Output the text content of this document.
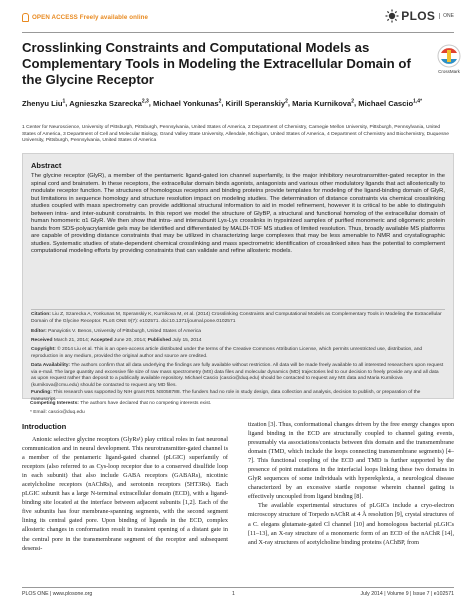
OPEN ACCESS Freely available online	PLOS	ONE
Crosslinking Constraints and Computational Models as Complementary Tools in Modeling the Extracellular Domain of the Glycine Receptor
CrossMark
Zhenyu Liu$^1$, Agnieszka Szarecka$^{2,3}$, Michael Yonkunas$^2$, Kirill Speranskiy$^2$, Maria Kurnikova$^2$, Michael Cascio$^{1,4*}$
1 Center for Neuroscience, University of Pittsburgh, Pittsburgh, Pennsylvania, United States of America, 2 Department of Chemistry, Carnegie Mellon University, Pittsburgh, Pennsylvania, United States of America, 3 Department of Cell and Molecular Biology, Grand Valley State University, Allendale, Michigan, United States of America, 4 Department of Chemistry and Biochemistry, Duquesne University, Pittsburgh, Pennsylvania, United States of America
Abstract
The glycine receptor (GlyR), a member of the pentameric ligand-gated ion channel superfamily, is the major inhibitory neurotransmitter-gated receptor in the spinal cord and brainstem. In these receptors, the extracellular domain binds agonists, antagonists and various other modulatory ligands that act allosterically to modulate receptor function. The structures of homologous receptors and binding proteins provide templates for modeling of the ligand-binding domain of GlyR, but limitations in sequence homology and structure resolution impact on modeling studies. The determination of distance constraints via chemical crosslinking studies coupled with mass spectrometry can provide additional structural information to aid in model refinement, however it is critical to be able to distinguish between intra- and inter-subunit constraints. In this report we model the structure of GlyBP, a structural and functional homolog of the extracellular domain of human homomeric α1 GlyR. We then show that intra- and intersubunit Lys-Lys crosslinks in trypsinized samples of purified monomeric and oligomeric protein bands from SDS-polyacrylamide gels may be identified and differentiated by MALDI-TOF MS studies of limited resolution. Thus, broadly available MS platforms are capable of providing distance constraints that may be utilized in characterizing large complexes that may be less amenable to NMR and crystallographic studies. Systematic studies of state-dependent chemical crosslinking and mass spectrometric identification of crosslinked sites has the potential to complement computational modeling efforts by providing constraints that can validate and refine allosteric models.
Citation: Liu Z, Szarecka A, Yonkunas M, Speranskiy K, Kurnikova M, et al. (2014) Crosslinking Constraints and Computational Models as Complementary Tools in Modeling the Extracellular Domain of the Glycine Receptor. PLoS ONE 9(7): e102571. doi:10.1371/journal.pone.0102571
Editor: Panayiotis V. Benos, University of Pittsburgh, United States of America
Received March 21, 2014; Accepted June 20, 2014; Published July 15, 2014
Copyright: © 2014 Liu et al. This is an open-access article distributed under the terms of the Creative Commons Attribution License, which permits unrestricted use, distribution, and reproduction in any medium, provided the original author and source are credited.
Data Availability: The authors confirm that all data underlying the findings are fully available without restriction. All data will be made freely available to all interested researchers upon request via e-mail. The large quantity and excessive file size of raw mass spectrometry (MS) data files and molecular dynamics (MD) trajectories led to our decision to freely provide any and all data as upon request rather than deposit to a publically available repository. Michael Cascio (cascio@duq.edu) should be contacted to request any MS data and Maria Kurnikova (kurnikova@cmu.edu) should be contacted to request any MD files.
Funding: This research was supported by NIH grant R01 NS058788. The funders had no role in study design, data collection and analysis, decision to publish, or preparation of the manuscript.
Competing Interests: The authors have declared that no competing interests exist.
* Email: cascio@duq.edu
Introduction

Anionic selective glycine receptors (GlyRs¹) play critical roles in fast neuronal communication and in neural development. This neurotransmitter-gated channel is a member of the pentameric ligand-gated channel (pLGIC) superfamily of receptors (also referred to as Cys-loop receptor due to a conserved disulfide loop in each subunit) that also include GABA receptors (GABARs), nicotinic acetylcholine receptors (nAChRs), and serotonin receptors (5HT3Rs). Each pLGIC subunit has a large N-terminal extracellular domain (ECD), with a ligand-binding site located at the interface between adjacent subunits [1,2]. Each of the five subunits has four membrane-spanning segments, with the second segment lining its central gated pore. Upon binding of ligands in the ECD, complex allosteric changes in conformation result in transient opening of a distant gate in the central pore in the transmembrane segment of the receptor and subsequent desensi-

tization [3]. Thus, conformational changes driven by the free energy changes upon ligand binding in the ECD are structurally coupled to channel gating events, presumably via associations/contacts between this domain and the transmembrane domain (TMD, which include the loops connecting transmembrane segments) [4–7]. This functional coupling of the ECD and TMD is further supported by the presence of point mutations in the interfacial loops linking these two domains in GlyR sequences of some individuals with hyperekplexia, a neurological disease characterized by an excessive startle response wherein channel gating is effectively uncoupled from ligand binding [8].

The available experimental structures of pLGICs include a cryo-electron microscopy structure of Torpedo nAChR at 4 Å resolution [9], crystal structures of a C. elegans glutamate-gated Cl channel [10] and homologous bacterial pLGICs [11–13], an X-ray structure of a monomeric form of an ECD of the nAChR [14], and X-ray structures of acetylcholine binding proteins (AChBP, from

PLOS ONE | www.plosone.org	1	July 2014 | Volume 9 | Issue 7 | e102571
